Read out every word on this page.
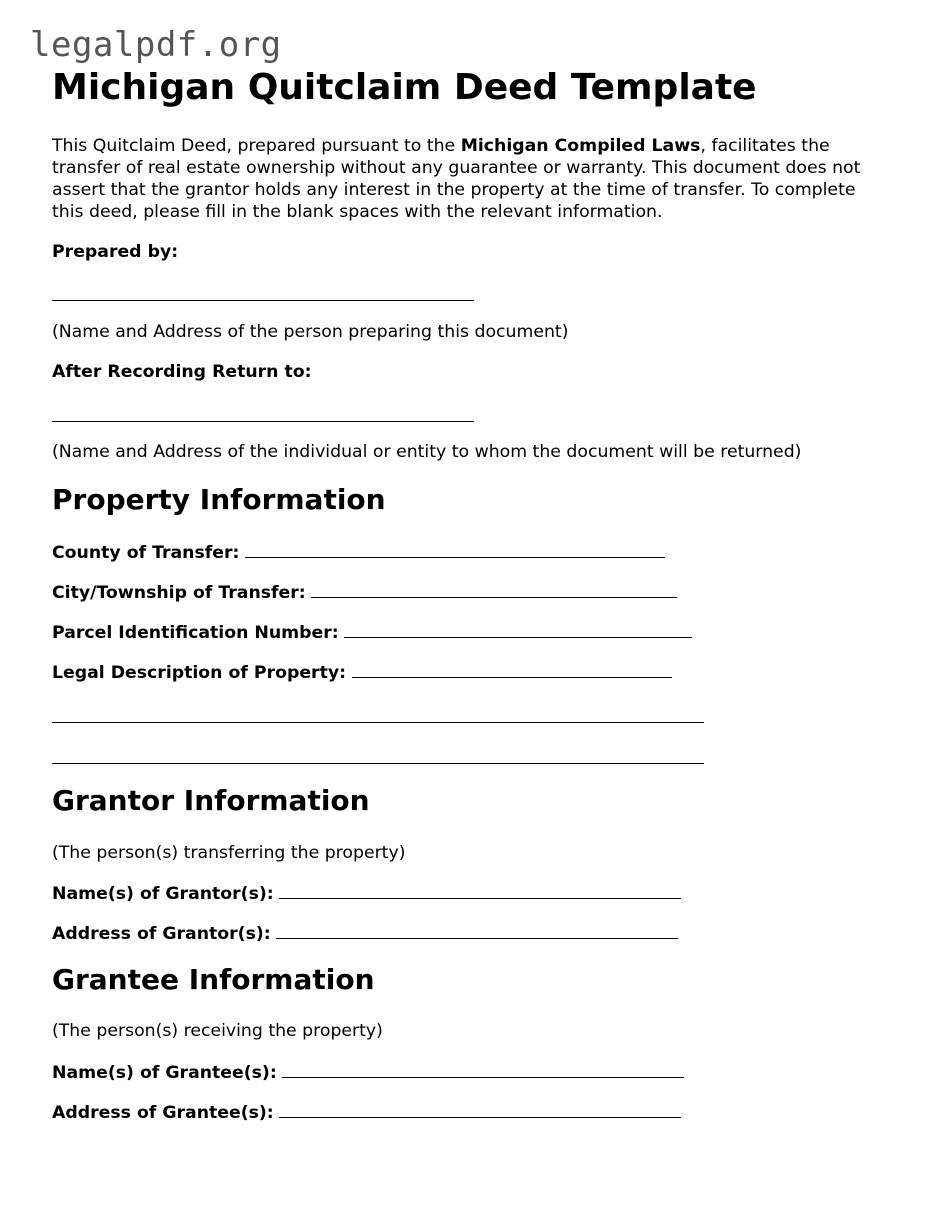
legalpdf.org
Michigan Quitclaim Deed Template

This Quitclaim Deed, prepared pursuant to the Michigan Compiled Laws, facilitates the transfer of real estate ownership without any guarantee or warranty. This document does not assert that the grantor holds any interest in the property at the time of transfer. To complete this deed, please fill in the blank spaces with the relevant information.

Prepared by:
(Name and Address of the person preparing this document)
After Recording Return to:
(Name and Address of the individual or entity to whom the document will be returned)
Property Information
County of Transfer:
City/Township of Transfer:
Parcel Identification Number:
Legal Description of Property:
Grantor Information
(The person(s) transferring the property)
Name(s) of Grantor(s):
Address of Grantor(s):
Grantee Information
(The person(s) receiving the property)
Name(s) of Grantee(s):
Address of Grantee(s):
